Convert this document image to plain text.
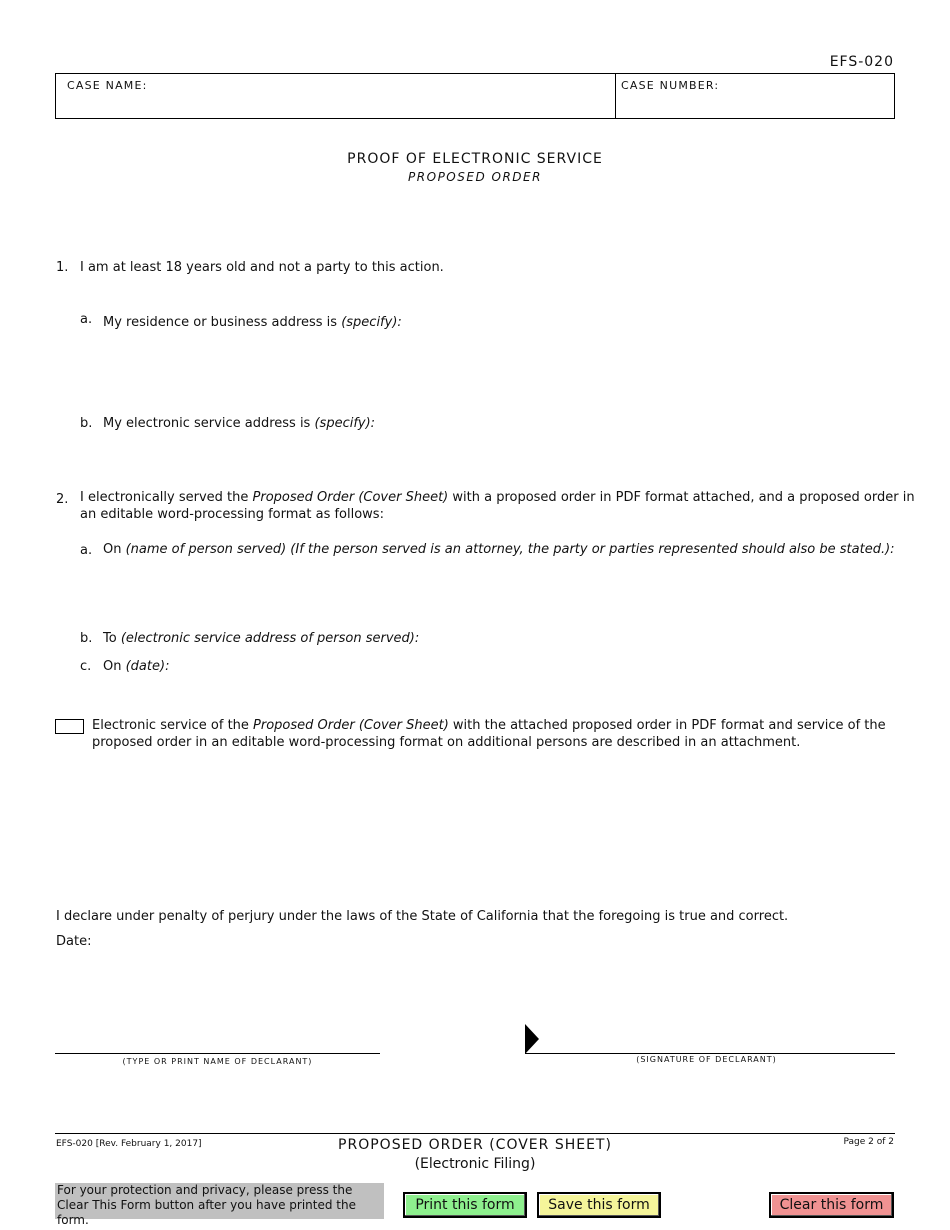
EFS-020
CASE NAME:	CASE NUMBER:
PROOF OF ELECTRONIC SERVICE
PROPOSED ORDER
1. I am at least 18 years old and not a party to this action.
a. My residence or business address is (specify):
b. My electronic service address is (specify):
2. I electronically served the Proposed Order (Cover Sheet) with a proposed order in PDF format attached, and a proposed order in
an editable word-processing format as follows:
a. On (name of person served) (If the person served is an attorney, the party or parties represented should also be stated.):
b. To (electronic service address of person served):
c. On (date):
Electronic service of the Proposed Order (Cover Sheet) with the attached proposed order in PDF format and service of the
proposed order in an editable word-processing format on additional persons are described in an attachment.
I declare under penalty of perjury under the laws of the State of California that the foregoing is true and correct.
Date:
(TYPE OR PRINT NAME OF DECLARANT)	(SIGNATURE OF DECLARANT)
EFS-020 [Rev. February 1, 2017]	PROPOSED ORDER (COVER SHEET)
(Electronic Filing)
Page 2 of 2
For your protection and privacy, please press the Clear This Form button after you have printed the form.
Print this form	Save this form	Clear this form
